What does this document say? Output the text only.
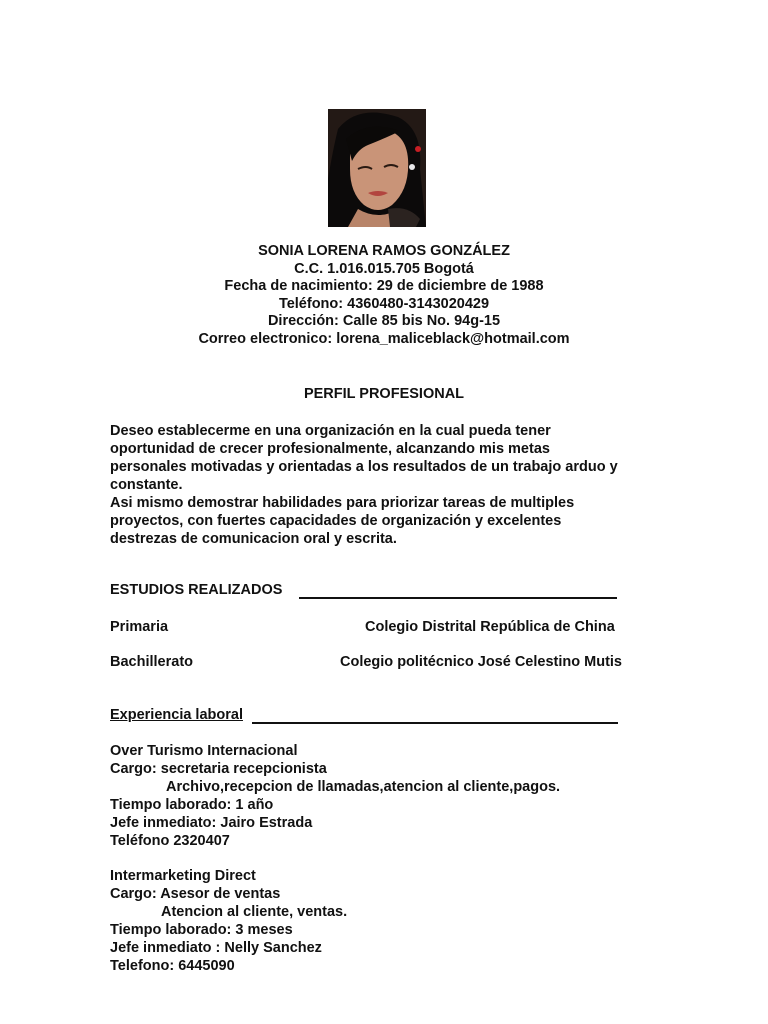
SONIA LORENA RAMOS GONZÁLEZ
C.C. 1.016.015.705 Bogotá
Fecha de nacimiento: 29 de diciembre de 1988
Teléfono: 4360480-3143020429
Dirección: Calle 85 bis No. 94g-15
Correo electronico: lorena_maliceblack@hotmail.com
PERFIL PROFESIONAL
Deseo establecerme en una organización en la cual pueda tener
oportunidad de crecer profesionalmente, alcanzando mis metas
personales motivadas y orientadas a los resultados de un trabajo arduo y
constante.
Asi mismo demostrar habilidades para priorizar tareas de multiples
proyectos, con fuertes capacidades de organización y excelentes
destrezas de comunicacion oral y escrita.
ESTUDIOS REALIZADOS
Primaria	Colegio Distrital República de China
Bachillerato	Colegio politécnico José Celestino Mutis
Experiencia laboral
Over Turismo Internacional
Cargo: secretaria recepcionista
Archivo,recepcion de llamadas,atencion al cliente,pagos.
Tiempo laborado: 1 año
Jefe inmediato: Jairo Estrada
Teléfono 2320407
Intermarketing Direct
Cargo: Asesor de ventas
Atencion al cliente, ventas.
Tiempo laborado: 3 meses
Jefe inmediato : Nelly Sanchez
Telefono: 6445090
